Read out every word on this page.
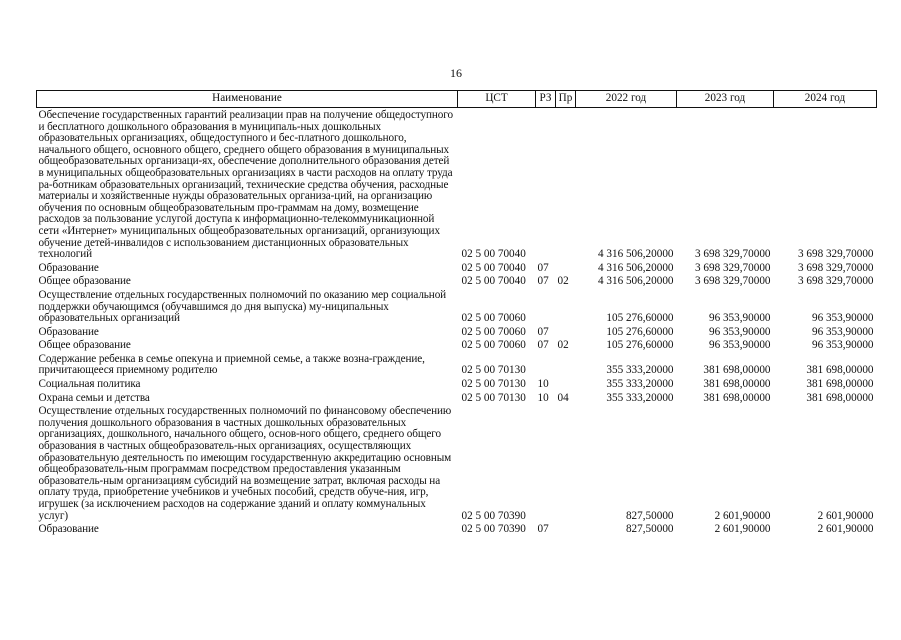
16
Наименование	ЦСТ	РЗ	Пр	2022 год	2023 год	2024 год
Обеспечение государственных гарантий реализации прав на получение общедоступного и бесплатного дошкольного образования в муниципаль-ных дошкольных образовательных организациях, общедоступного и бес-платного дошкольного, начального общего, основного общего, среднего общего образования в муниципальных общеобразовательных организаци-ях, обеспечение дополнительного образования детей в муниципальных общеобразовательных организациях в части расходов на оплату труда ра-ботникам образовательных организаций, технические средства обучения, расходные материалы и хозяйственные нужды образовательных организа-ций, на организацию обучения по основным общеобразовательным про-граммам на дому, возмещение расходов за пользование услугой доступа к информационно-телекоммуникационной сети «Интернет» муниципальных общеобразовательных организаций, организующих обучение детей-инвалидов с использованием дистанционных образовательных технологий	02 5 00 70040			4 316 506,20000	3 698 329,70000	3 698 329,70000
Образование	02 5 00 70040	07		4 316 506,20000	3 698 329,70000	3 698 329,70000
Общее образование	02 5 00 70040	07	02	4 316 506,20000	3 698 329,70000	3 698 329,70000
Осуществление отдельных государственных полномочий по оказанию мер социальной поддержки обучающимся (обучавшимся до дня выпуска) му-ниципальных образовательных организаций	02 5 00 70060			105 276,60000	96 353,90000	96 353,90000
Образование	02 5 00 70060	07		105 276,60000	96 353,90000	96 353,90000
Общее образование	02 5 00 70060	07	02	105 276,60000	96 353,90000	96 353,90000
Содержание ребенка в семье опекуна и приемной семье, а также возна-граждение, причитающееся приемному родителю	02 5 00 70130			355 333,20000	381 698,00000	381 698,00000
Социальная политика	02 5 00 70130	10		355 333,20000	381 698,00000	381 698,00000
Охрана семьи и детства	02 5 00 70130	10	04	355 333,20000	381 698,00000	381 698,00000
Осуществление отдельных государственных полномочий по финансовому обеспечению получения дошкольного образования в частных дошкольных образовательных организациях, дошкольного, начального общего, основ-ного общего, среднего общего образования в частных общеобразователь-ных организациях, осуществляющих образовательную деятельность по имеющим государственную аккредитацию основным общеобразователь-ным программам посредством предоставления указанным образователь-ным организациям субсидий на возмещение затрат, включая расходы на оплату труда, приобретение учебников и учебных пособий, средств обуче-ния, игр, игрушек (за исключением расходов на содержание зданий и оплату коммунальных услуг)	02 5 00 70390			827,50000	2 601,90000	2 601,90000
Образование	02 5 00 70390	07		827,50000	2 601,90000	2 601,90000
